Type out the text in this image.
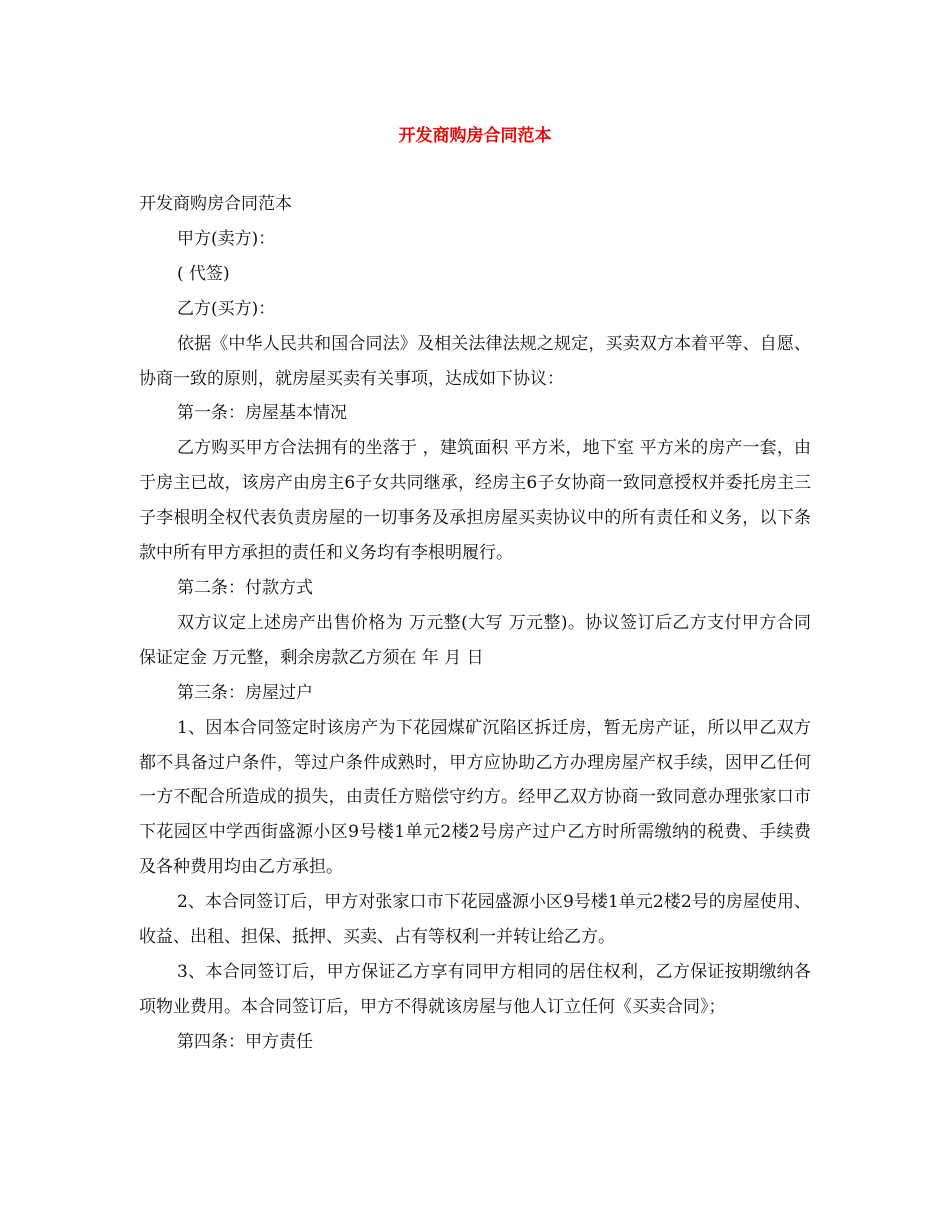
开发商购房合同范本

开发商购房合同范本

甲方(卖方)：

( 代签)

乙方(买方)：

依据《中华人民共和国合同法》及相关法律法规之规定，买卖双方本着平等、自愿、协商一致的原则，就房屋买卖有关事项，达成如下协议：

第一条：房屋基本情况

乙方购买甲方合法拥有的坐落于 ，建筑面积 平方米，地下室 平方米的房产一套，由于房主已故，该房产由房主6子女共同继承，经房主6子女协商一致同意授权并委托房主三子李根明全权代表负责房屋的一切事务及承担房屋买卖协议中的所有责任和义务，以下条款中所有甲方承担的责任和义务均有李根明履行。

第二条：付款方式

双方议定上述房产出售价格为 万元整(大写 万元整)。协议签订后乙方支付甲方合同保证定金 万元整，剩余房款乙方须在 年 月 日

第三条：房屋过户

1、因本合同签定时该房产为下花园煤矿沉陷区拆迁房，暂无房产证，所以甲乙双方都不具备过户条件，等过户条件成熟时，甲方应协助乙方办理房屋产权手续，因甲乙任何一方不配合所造成的损失，由责任方赔偿守约方。经甲乙双方协商一致同意办理张家口市下花园区中学西街盛源小区9号楼1单元2楼2号房产过户乙方时所需缴纳的税费、手续费及各种费用均由乙方承担。

2、本合同签订后，甲方对张家口市下花园盛源小区9号楼1单元2楼2号的房屋使用、收益、出租、担保、抵押、买卖、占有等权利一并转让给乙方。

3、本合同签订后，甲方保证乙方享有同甲方相同的居住权利，乙方保证按期缴纳各项物业费用。本合同签订后，甲方不得就该房屋与他人订立任何《买卖合同》；

第四条：甲方责任
